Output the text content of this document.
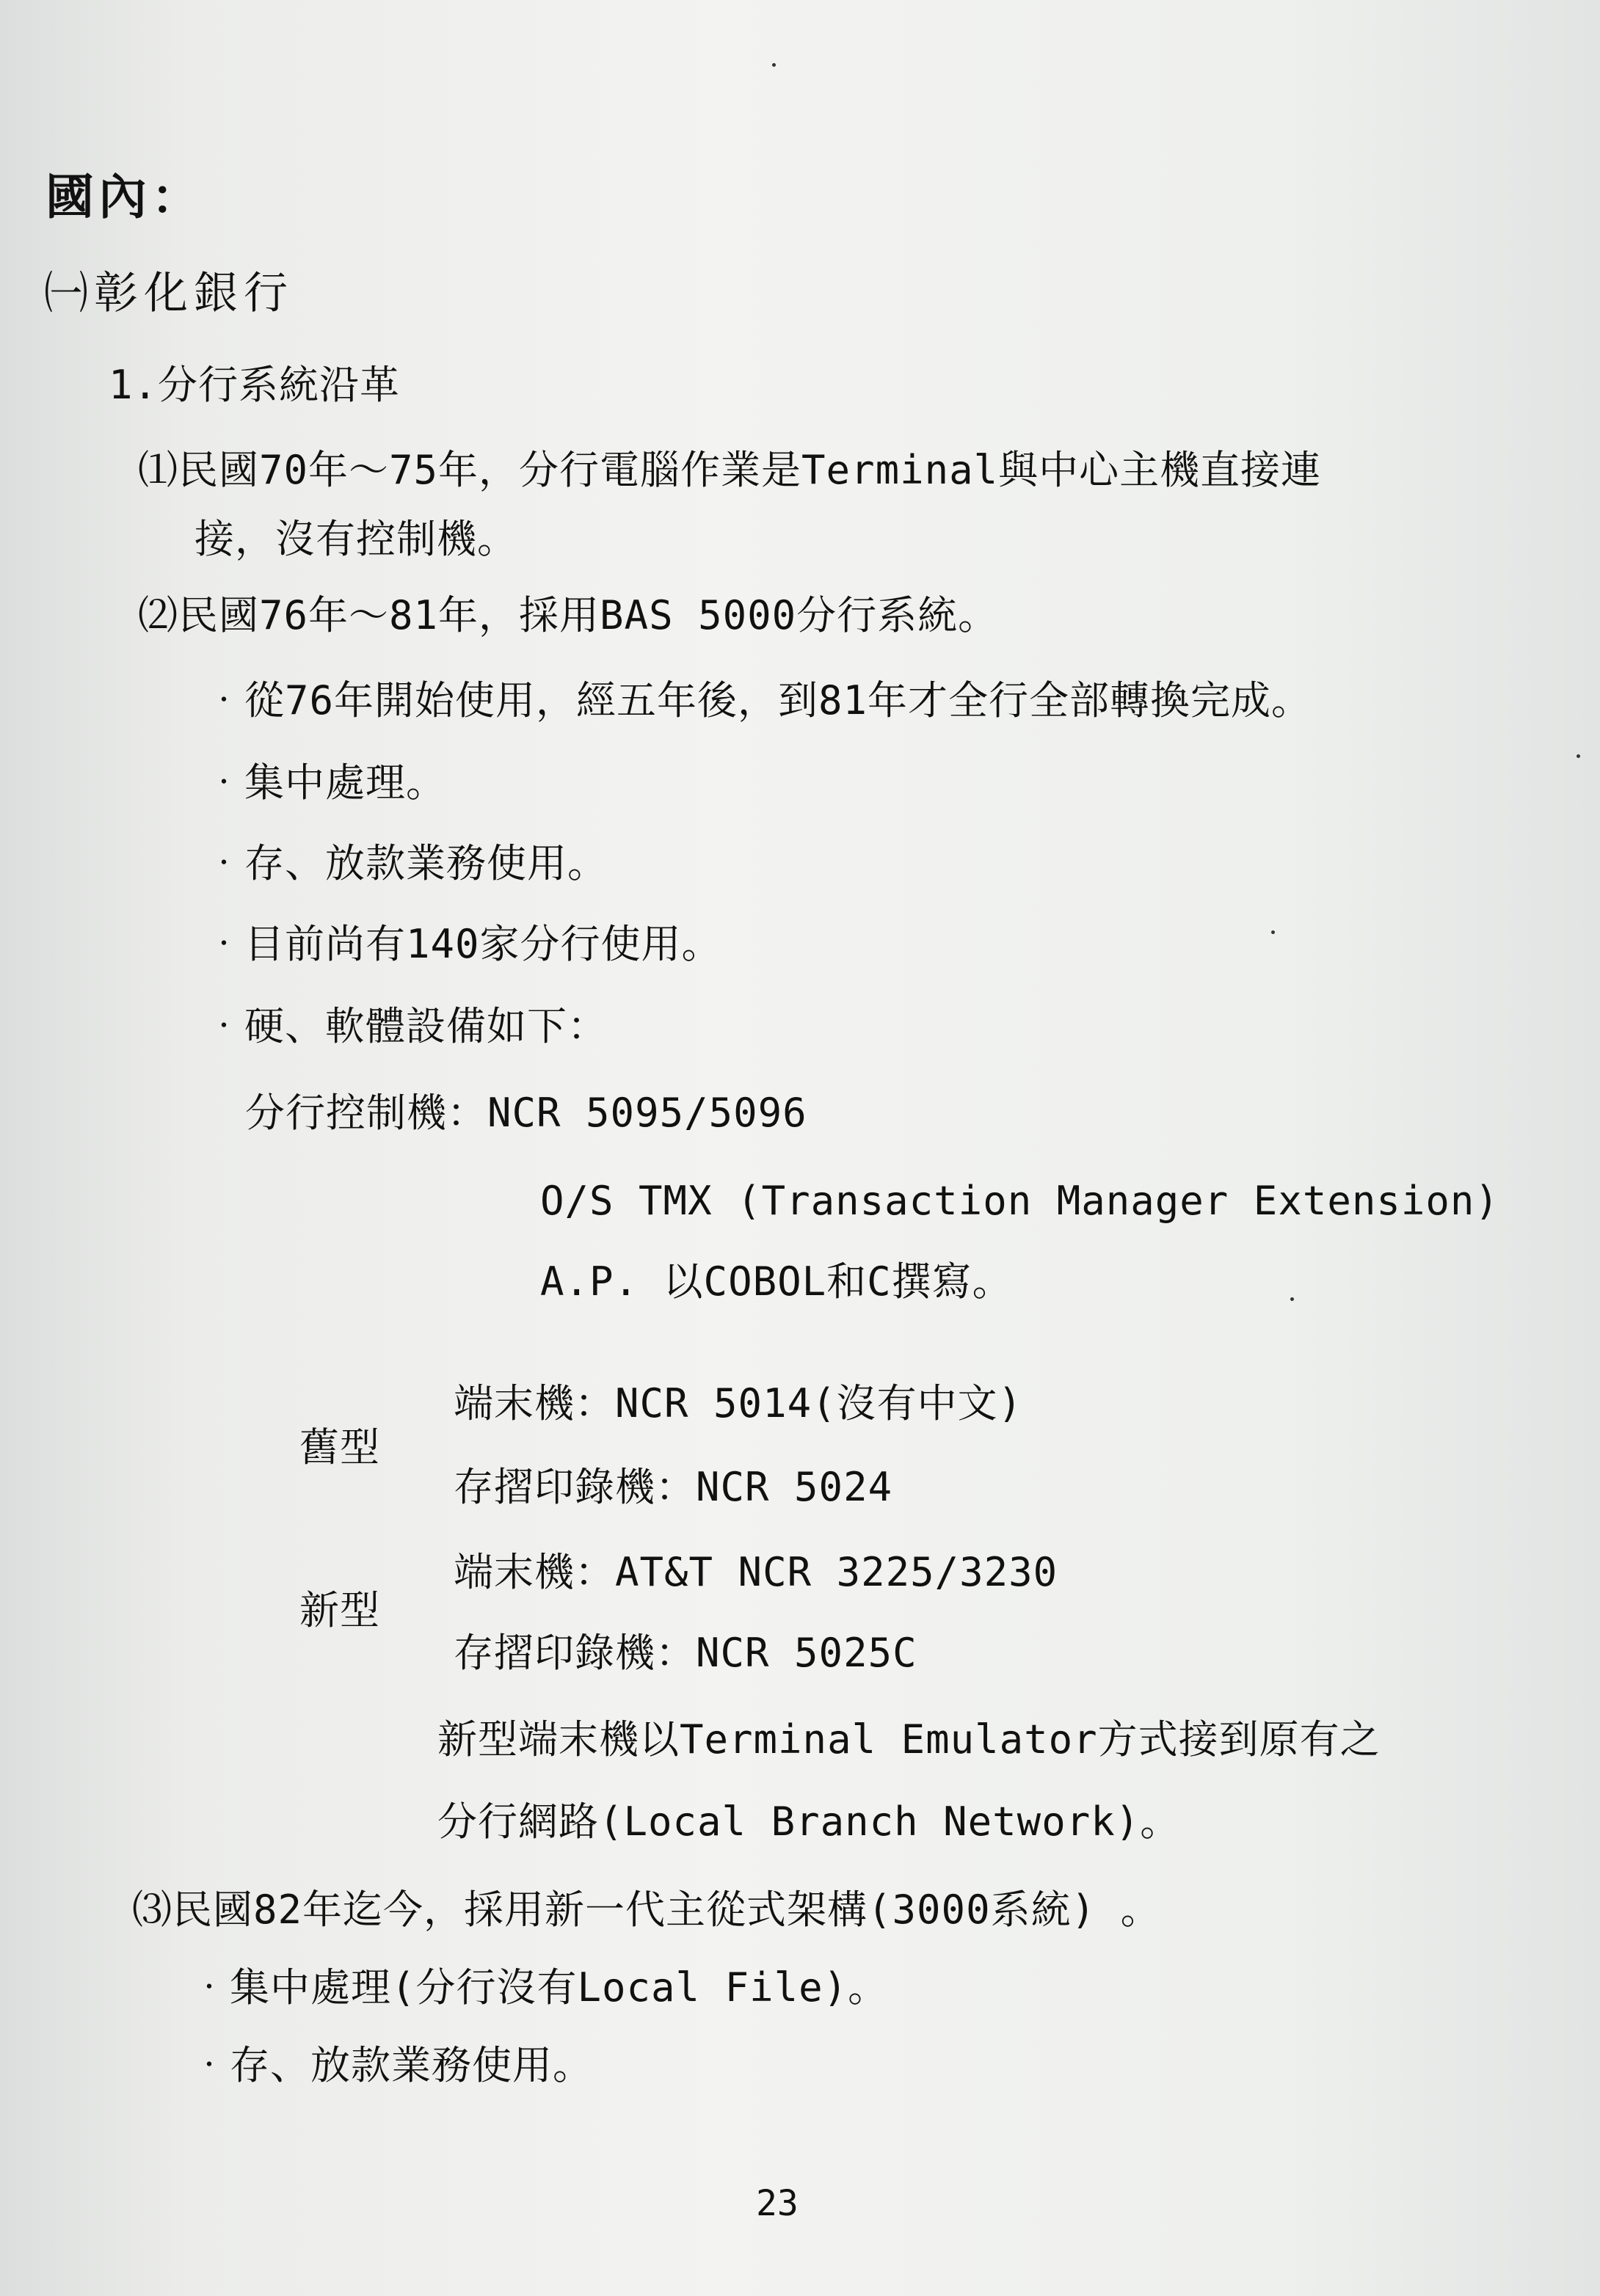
國內：
㈠彰化銀行
1.分行系統沿革
⑴民國70年～75年，分行電腦作業是Terminal與中心主機直接連
接，沒有控制機。
⑵民國76年～81年，採用BAS 5000分行系統。
‧從76年開始使用，經五年後，到81年才全行全部轉換完成。
‧集中處理。
‧存、放款業務使用。
‧目前尚有140家分行使用。
‧硬、軟體設備如下：
分行控制機：NCR 5095/5096
O/S TMX (Transaction Manager Extension)
A.P. 以COBOL和C撰寫。
舊型
端末機：NCR 5014(沒有中文)
存摺印錄機：NCR 5024
新型
端末機：AT&T NCR 3225/3230
存摺印錄機：NCR 5025C
新型端末機以Terminal Emulator方式接到原有之
分行網路(Local Branch Network)。
⑶民國82年迄今，採用新一代主從式架構(3000系統) 。
‧集中處理(分行沒有Local File)。
‧存、放款業務使用。
23
